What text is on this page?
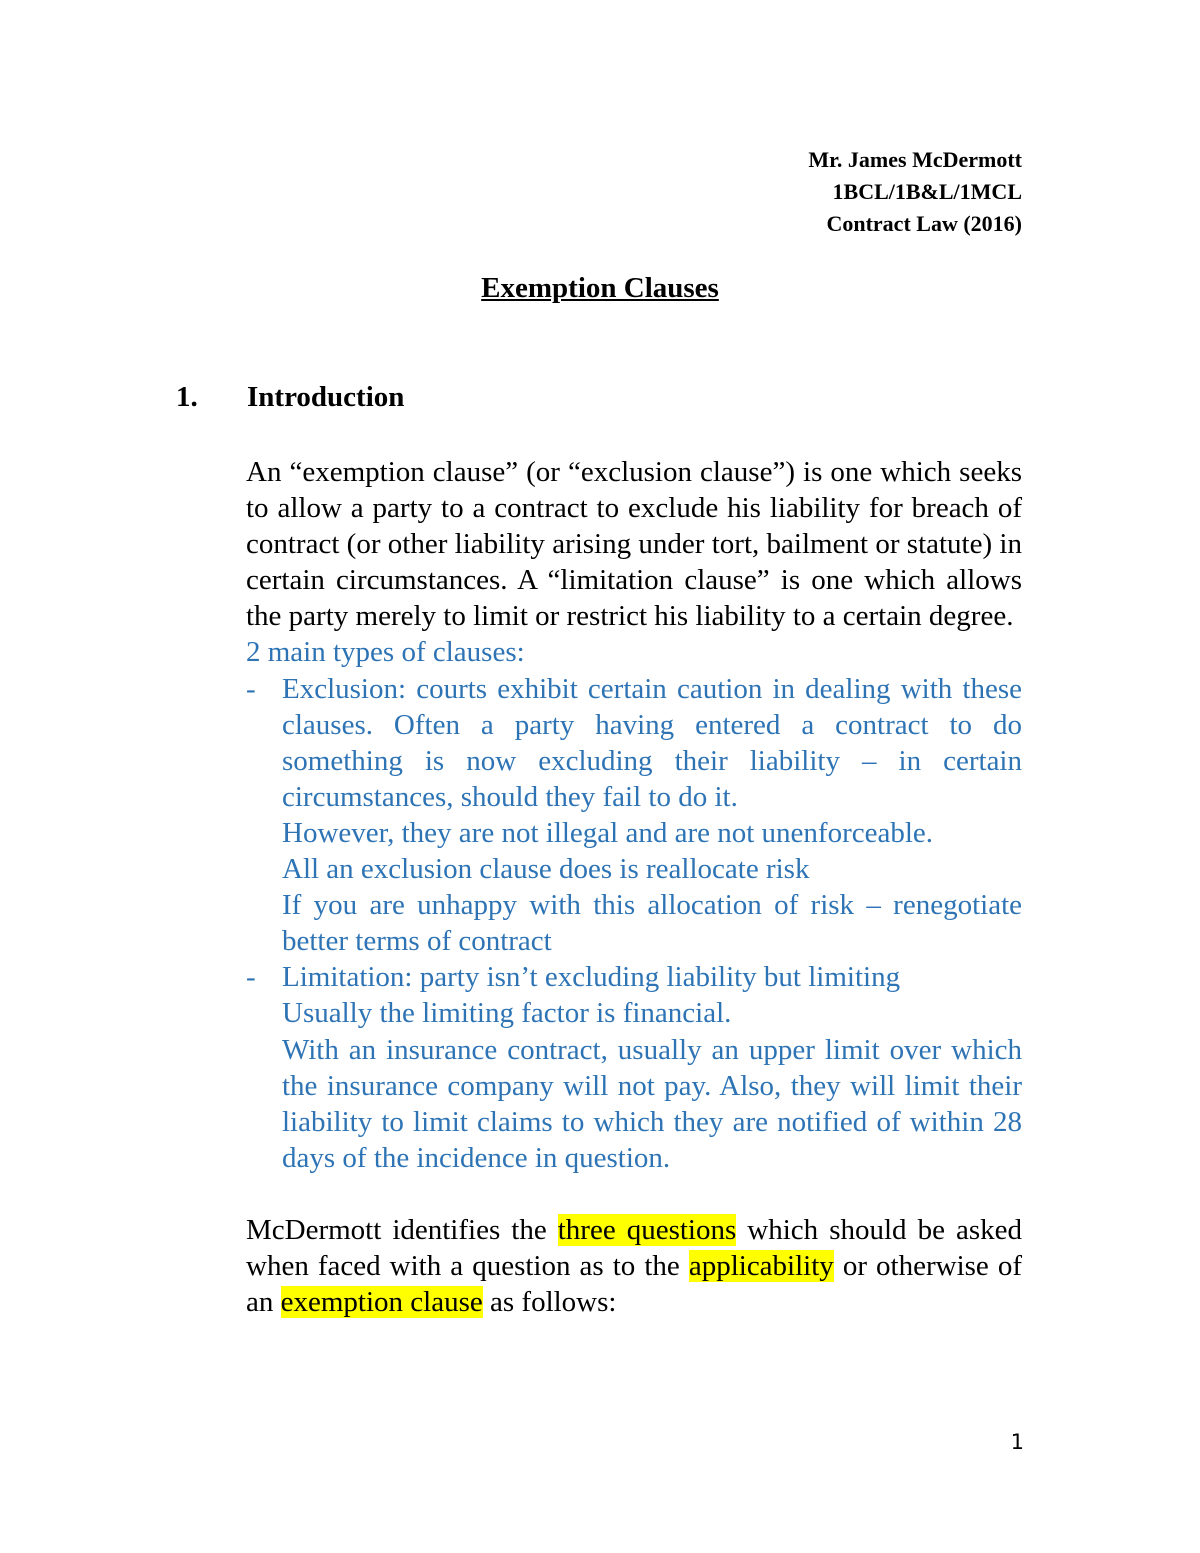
Mr. James McDermott
1BCL/1B&L/1MCL
Contract Law (2016)
Exemption Clauses
1. Introduction

An “exemption clause” (or “exclusion clause”) is one which seeks to allow a party to a contract to exclude his liability for breach of contract (or other liability arising under tort, bailment or statute) in certain circumstances. A “limitation clause” is one which allows the party merely to limit or restrict his liability to a certain degree.

2 main types of clauses:

- Exclusion: courts exhibit certain caution in dealing with these clauses. Often a party having entered a contract to do something is now excluding their liability – in certain circumstances, should they fail to do it.

However, they are not illegal and are not unenforceable.

All an exclusion clause does is reallocate risk

If you are unhappy with this allocation of risk – renegotiate better terms of contract

- Limitation: party isn’t excluding liability but limiting

Usually the limiting factor is financial.

With an insurance contract, usually an upper limit over which the insurance company will not pay. Also, they will limit their liability to limit claims to which they are notified of within 28 days of the incidence in question.

McDermott identifies the three questions which should be asked when faced with a question as to the applicability or otherwise of an exemption clause as follows:

1
